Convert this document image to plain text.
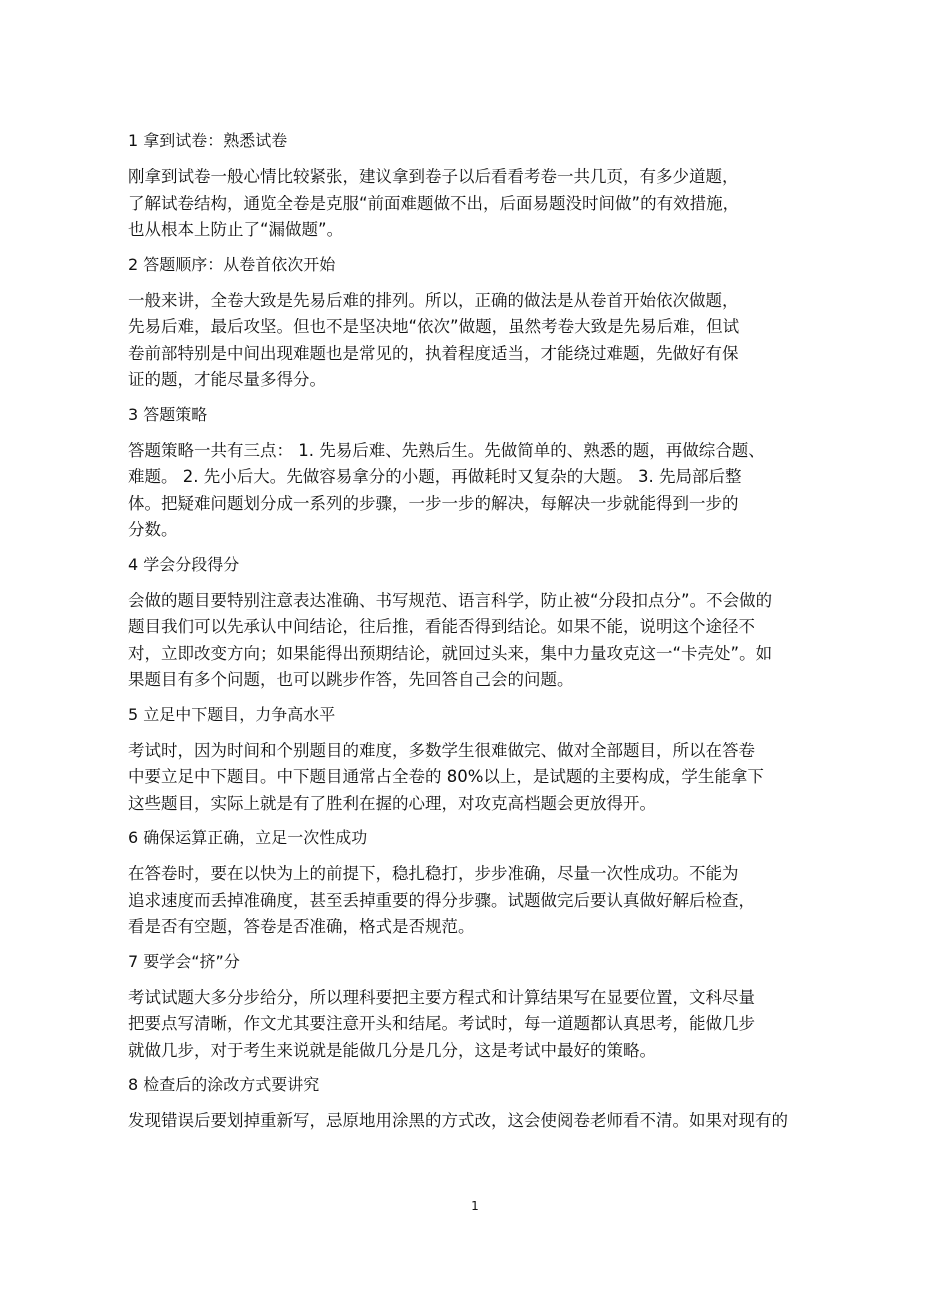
1 拿到试卷：熟悉试卷
刚拿到试卷一般心情比较紧张，建议拿到卷子以后看看考卷一共几页，有多少道题，
了解试卷结构，通览全卷是克服“前面难题做不出，后面易题没时间做”的有效措施，
也从根本上防止了“漏做题”。
2 答题顺序：从卷首依次开始
一般来讲，全卷大致是先易后难的排列。所以，正确的做法是从卷首开始依次做题，
先易后难，最后攻坚。但也不是坚决地“依次”做题，虽然考卷大致是先易后难，但试
卷前部特别是中间出现难题也是常见的，执着程度适当，才能绕过难题，先做好有保
证的题，才能尽量多得分。
3 答题策略
答题策略一共有三点： 1. 先易后难、先熟后生。先做简单的、熟悉的题，再做综合题、
难题。 2. 先小后大。先做容易拿分的小题，再做耗时又复杂的大题。 3. 先局部后整
体。把疑难问题划分成一系列的步骤，一步一步的解决，每解决一步就能得到一步的
分数。
4 学会分段得分
会做的题目要特别注意表达准确、书写规范、语言科学，防止被“分段扣点分”。不会做的
题目我们可以先承认中间结论，往后推，看能否得到结论。如果不能，说明这个途径不
对，立即改变方向；如果能得出预期结论，就回过头来，集中力量攻克这一“卡壳处”。如
果题目有多个问题，也可以跳步作答，先回答自己会的问题。
5 立足中下题目，力争高水平
考试时，因为时间和个别题目的难度，多数学生很难做完、做对全部题目，所以在答卷
中要立足中下题目。中下题目通常占全卷的 80%以上，是试题的主要构成，学生能拿下
这些题目，实际上就是有了胜利在握的心理，对攻克高档题会更放得开。
6 确保运算正确，立足一次性成功
在答卷时，要在以快为上的前提下，稳扎稳打，步步准确，尽量一次性成功。不能为
追求速度而丢掉准确度，甚至丢掉重要的得分步骤。试题做完后要认真做好解后检查，
看是否有空题，答卷是否准确，格式是否规范。
7 要学会“挤”分
考试试题大多分步给分，所以理科要把主要方程式和计算结果写在显要位置，文科尽量
把要点写清晰，作文尤其要注意开头和结尾。考试时，每一道题都认真思考，能做几步
就做几步，对于考生来说就是能做几分是几分，这是考试中最好的策略。
8 检查后的涂改方式要讲究
发现错误后要划掉重新写，忌原地用涂黑的方式改，这会使阅卷老师看不清。如果对现有的
1
